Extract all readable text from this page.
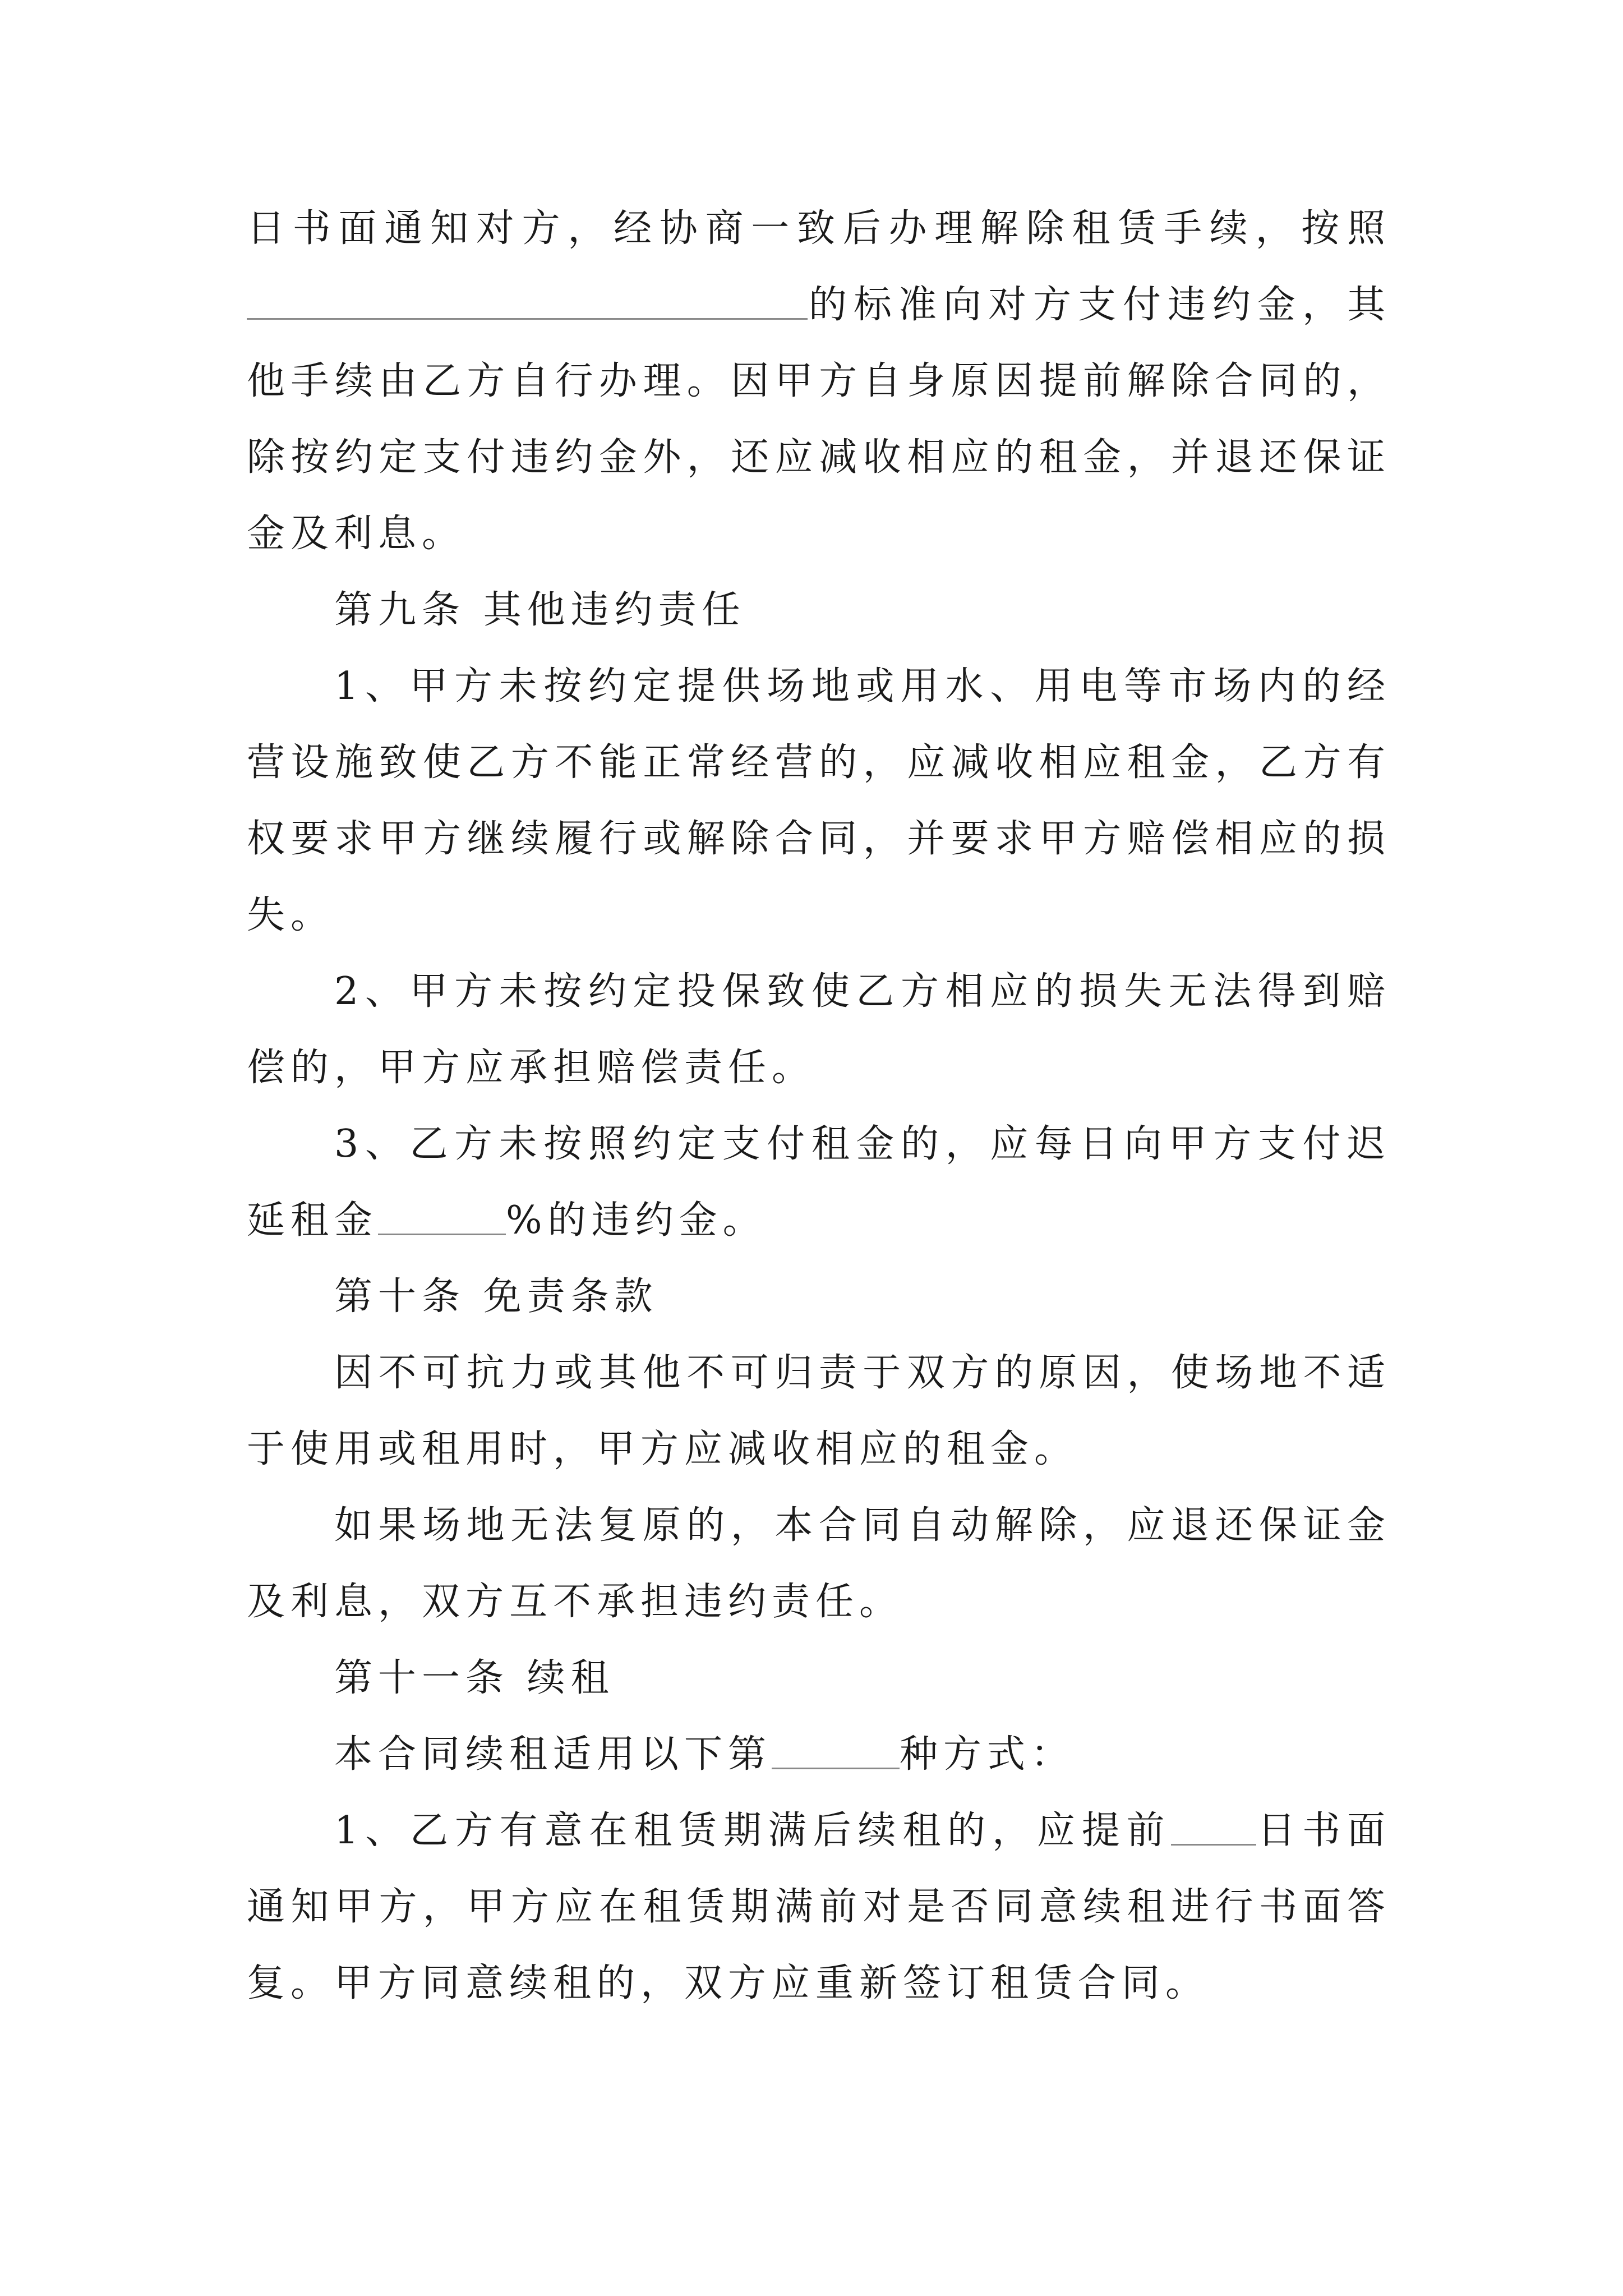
日书面通知对方，经协商一致后办理解除租赁手续，按照的标准向对方支付违约金，其他手续由乙方自行办理。因甲方自身原因提前解除合同的，除按约定支付违约金外，还应减收相应的租金，并退还保证金及利息。

第九条 其他违约责任

1、甲方未按约定提供场地或用水、用电等市场内的经营设施致使乙方不能正常经营的，应减收相应租金，乙方有权要求甲方继续履行或解除合同，并要求甲方赔偿相应的损失。

2、甲方未按约定投保致使乙方相应的损失无法得到赔偿的，甲方应承担赔偿责任。

3、乙方未按照约定支付租金的，应每日向甲方支付迟延租金	%的违约金。

第十条 免责条款

因不可抗力或其他不可归责于双方的原因，使场地不适于使用或租用时，甲方应减收相应的租金。

如果场地无法复原的，本合同自动解除，应退还保证金及利息，双方互不承担违约责任。

第十一条 续租

本合同续租适用以下第	种方式：

1、乙方有意在租赁期满后续租的，应提前 日书面通知甲方，甲方应在租赁期满前对是否同意续租进行书面答复。甲方同意续租的，双方应重新签订租赁合同。
